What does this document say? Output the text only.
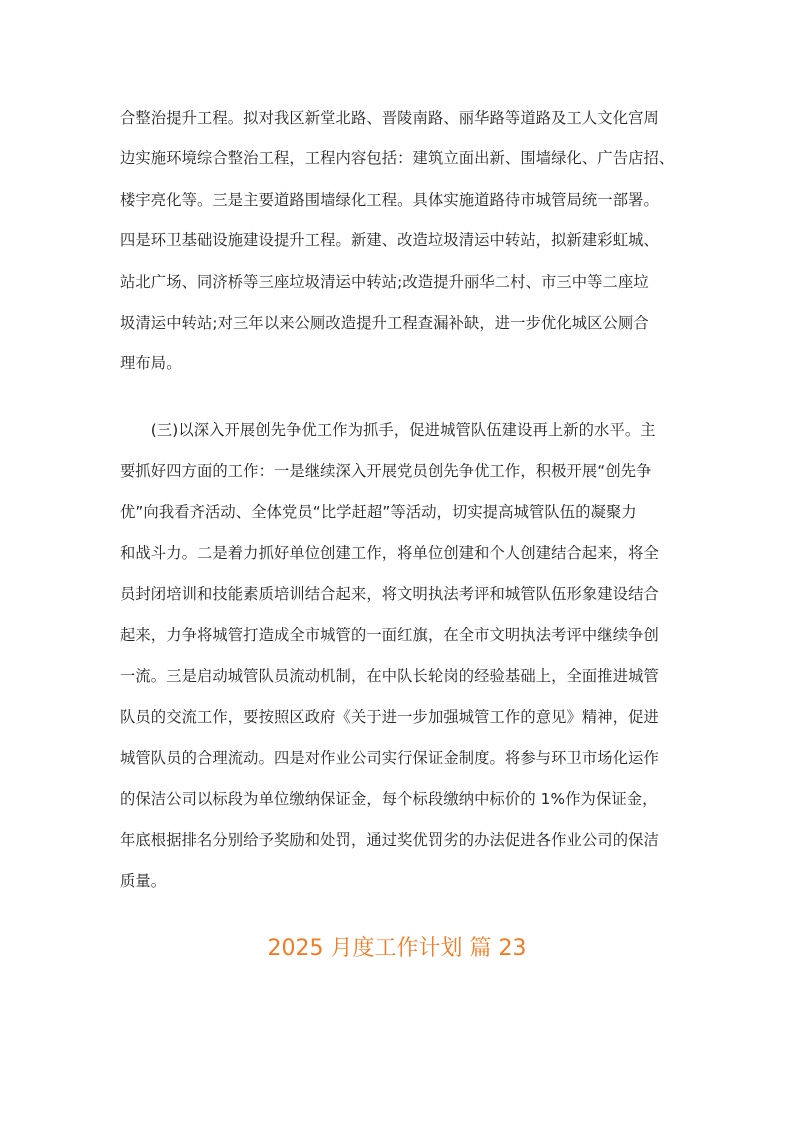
合整治提升工程。拟对我区新堂北路、晋陵南路、丽华路等道路及工人文化宫周
边实施环境综合整治工程，工程内容包括：建筑立面出新、围墙绿化、广告店招、
楼宇亮化等。三是主要道路围墙绿化工程。具体实施道路待市城管局统一部署。
四是环卫基础设施建设提升工程。新建、改造垃圾清运中转站，拟新建彩虹城、
站北广场、同济桥等三座垃圾清运中转站;改造提升丽华二村、市三中等二座垃
圾清运中转站;对三年以来公厕改造提升工程查漏补缺，进一步优化城区公厕合
理布局。
　　(三)以深入开展创先争优工作为抓手，促进城管队伍建设再上新的水平。主
要抓好四方面的工作：一是继续深入开展党员创先争优工作，积极开展“创先争
优”向我看齐活动、全体党员“比学赶超”等活动，切实提高城管队伍的凝聚力
和战斗力。二是着力抓好单位创建工作，将单位创建和个人创建结合起来，将全
员封闭培训和技能素质培训结合起来，将文明执法考评和城管队伍形象建设结合
起来，力争将城管打造成全市城管的一面红旗，在全市文明执法考评中继续争创
一流。三是启动城管队员流动机制，在中队长轮岗的经验基础上，全面推进城管
队员的交流工作，要按照区政府《关于进一步加强城管工作的意见》精神，促进
城管队员的合理流动。四是对作业公司实行保证金制度。将参与环卫市场化运作
的保洁公司以标段为单位缴纳保证金，每个标段缴纳中标价的 1%作为保证金，
年底根据排名分别给予奖励和处罚，通过奖优罚劣的办法促进各作业公司的保洁
质量。
2025 月度工作计划 篇 23
